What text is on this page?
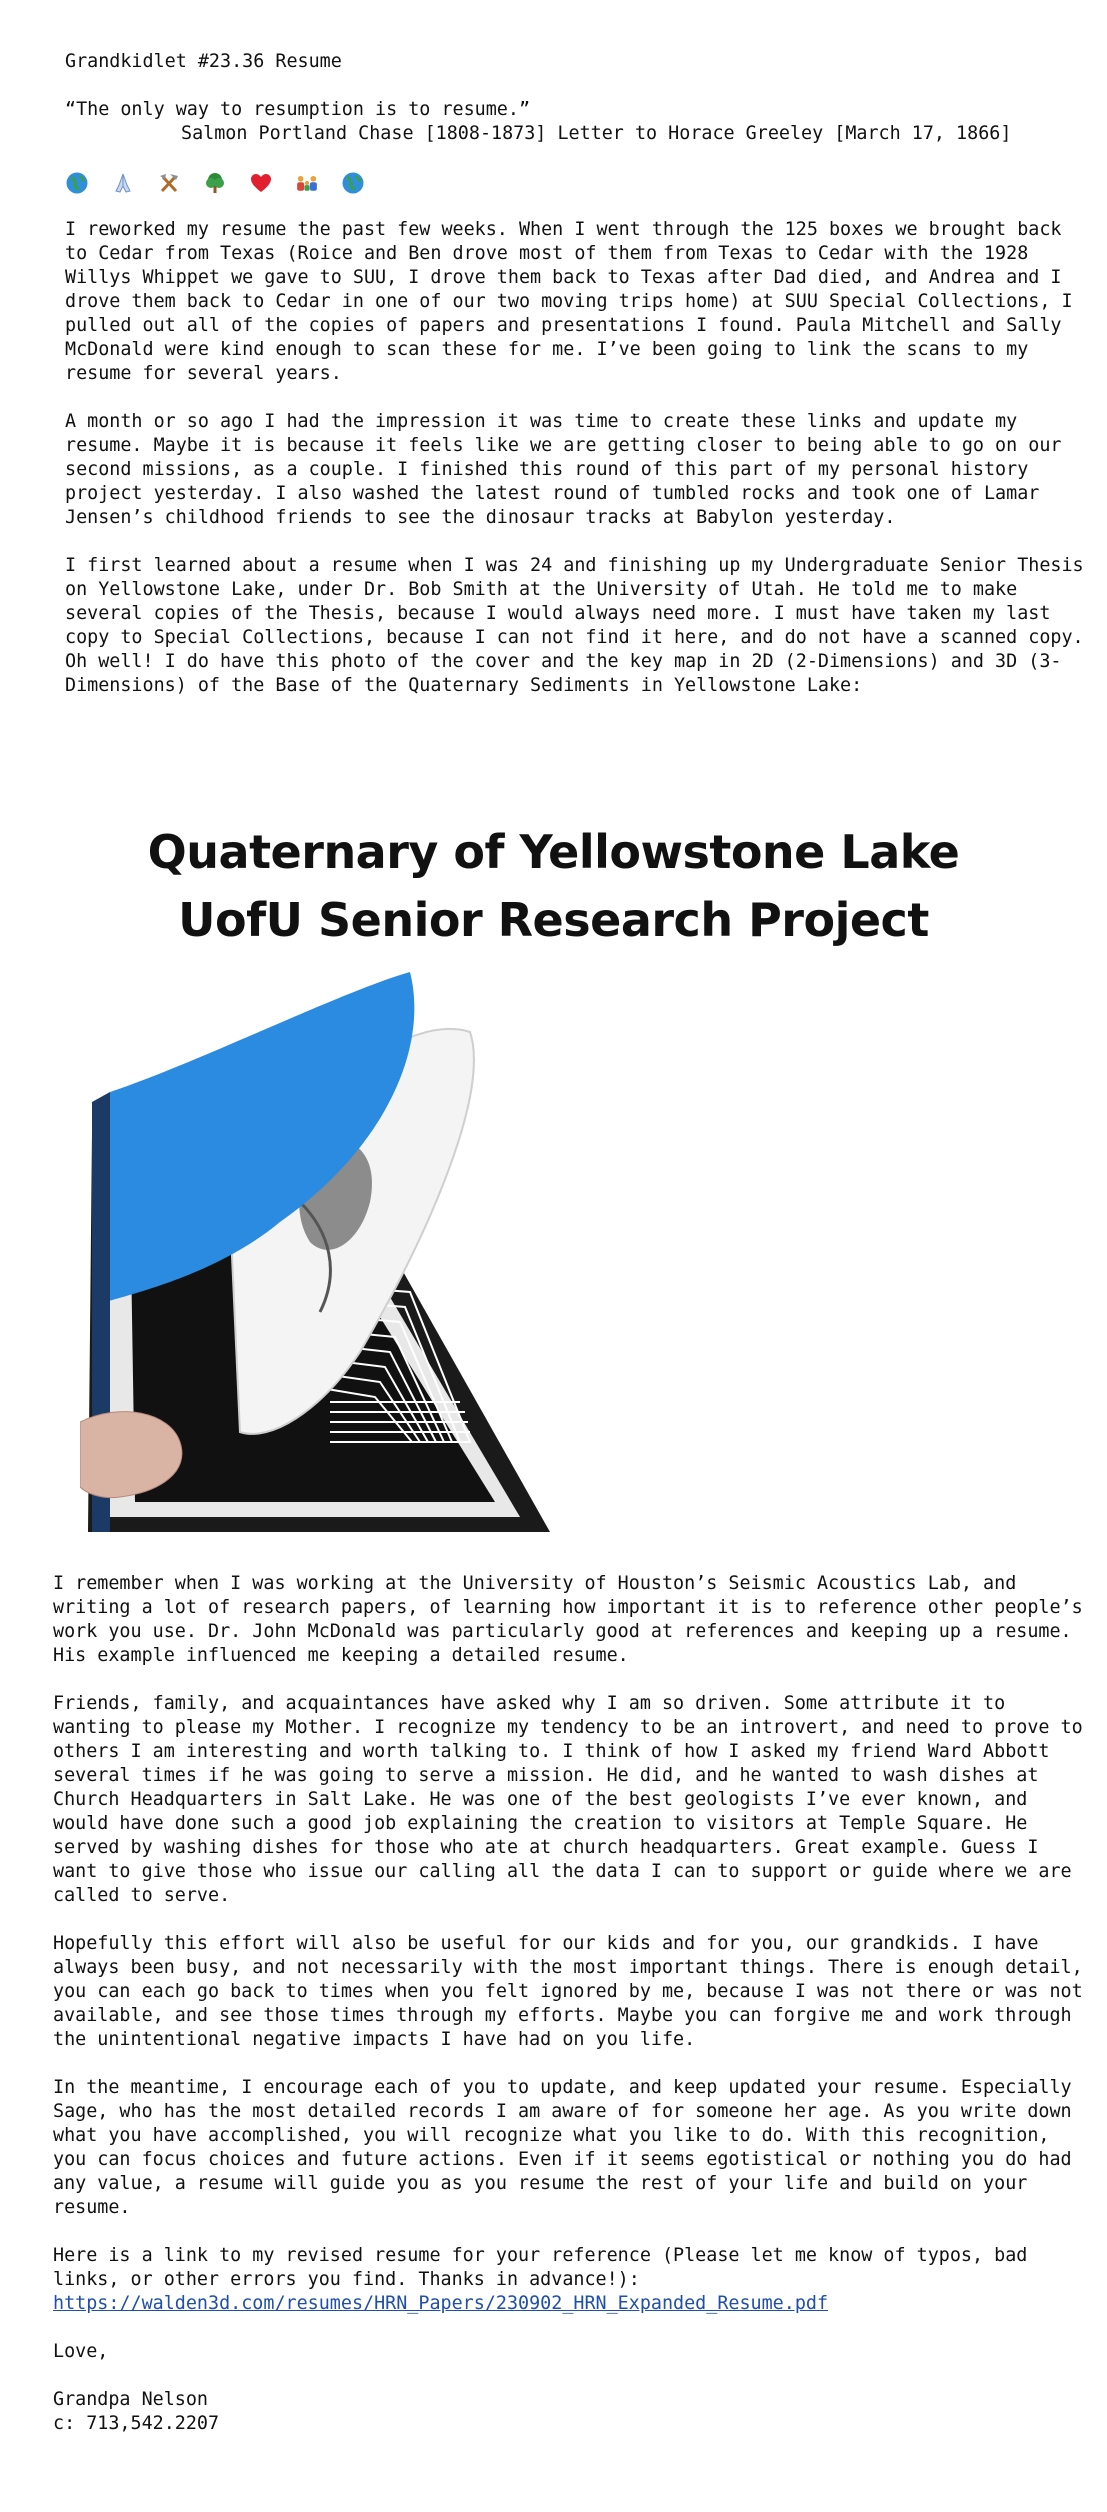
Grandkidlet #23.36 Resume

“The only way to resumption is to resume.”

Salmon Portland Chase [1808-1873] Letter to Horace Greeley [March 17, 1866]

I reworked my resume the past few weeks. When I went through the 125 boxes we brought back to Cedar from Texas (Roice and Ben drove most of them from Texas to Cedar with the 1928 Willys Whippet we gave to SUU, I drove them back to Texas after Dad died, and Andrea and I drove them back to Cedar in one of our two moving trips home) at SUU Special Collections, I pulled out all of the copies of papers and presentations I found. Paula Mitchell and Sally McDonald were kind enough to scan these for me. I’ve been going to link the scans to my resume for several years.

A month or so ago I had the impression it was time to create these links and update my resume. Maybe it is because it feels like we are getting closer to being able to go on our second missions, as a couple. I finished this round of this part of my personal history project yesterday. I also washed the latest round of tumbled rocks and took one of Lamar Jensen’s childhood friends to see the dinosaur tracks at Babylon yesterday.

I first learned about a resume when I was 24 and finishing up my Undergraduate Senior Thesis on Yellowstone Lake, under Dr. Bob Smith at the University of Utah. He told me to make several copies of the Thesis, because I would always need more. I must have taken my last copy to Special Collections, because I can not find it here, and do not have a scanned copy. Oh well! I do have this photo of the cover and the key map in 2D (2-Dimensions) and 3D (3-Dimensions) of the Base of the Quaternary Sediments in Yellowstone Lake:

Quaternary of Yellowstone Lake
UofU Senior Research Project

I remember when I was working at the University of Houston’s Seismic Acoustics Lab, and writing a lot of research papers, of learning how important it is to reference other people’s work you use. Dr. John McDonald was particularly good at references and keeping up a resume. His example influenced me keeping a detailed resume.

Friends, family, and acquaintances have asked why I am so driven. Some attribute it to wanting to please my Mother. I recognize my tendency to be an introvert, and need to prove to others I am interesting and worth talking to. I think of how I asked my friend Ward Abbott several times if he was going to serve a mission. He did, and he wanted to wash dishes at Church Headquarters in Salt Lake. He was one of the best geologists I’ve ever known, and would have done such a good job explaining the creation to visitors at Temple Square. He served by washing dishes for those who ate at church headquarters. Great example. Guess I want to give those who issue our calling all the data I can to support or guide where we are called to serve.

Hopefully this effort will also be useful for our kids and for you, our grandkids. I have always been busy, and not necessarily with the most important things. There is enough detail, you can each go back to times when you felt ignored by me, because I was not there or was not available, and see those times through my efforts. Maybe you can forgive me and work through the unintentional negative impacts I have had on you life.

In the meantime, I encourage each of you to update, and keep updated your resume. Especially Sage, who has the most detailed records I am aware of for someone her age. As you write down what you have accomplished, you will recognize what you like to do. With this recognition, you can focus choices and future actions. Even if it seems egotistical or nothing you do had any value, a resume will guide you as you resume the rest of your life and build on your resume.

Here is a link to my revised resume for your reference (Please let me know of typos, bad links, or other errors you find. Thanks in advance!):

https://walden3d.com/resumes/HRN_Papers/230902_HRN_Expanded_Resume.pdf

Love,

Grandpa Nelson

c: 713,542.2207
